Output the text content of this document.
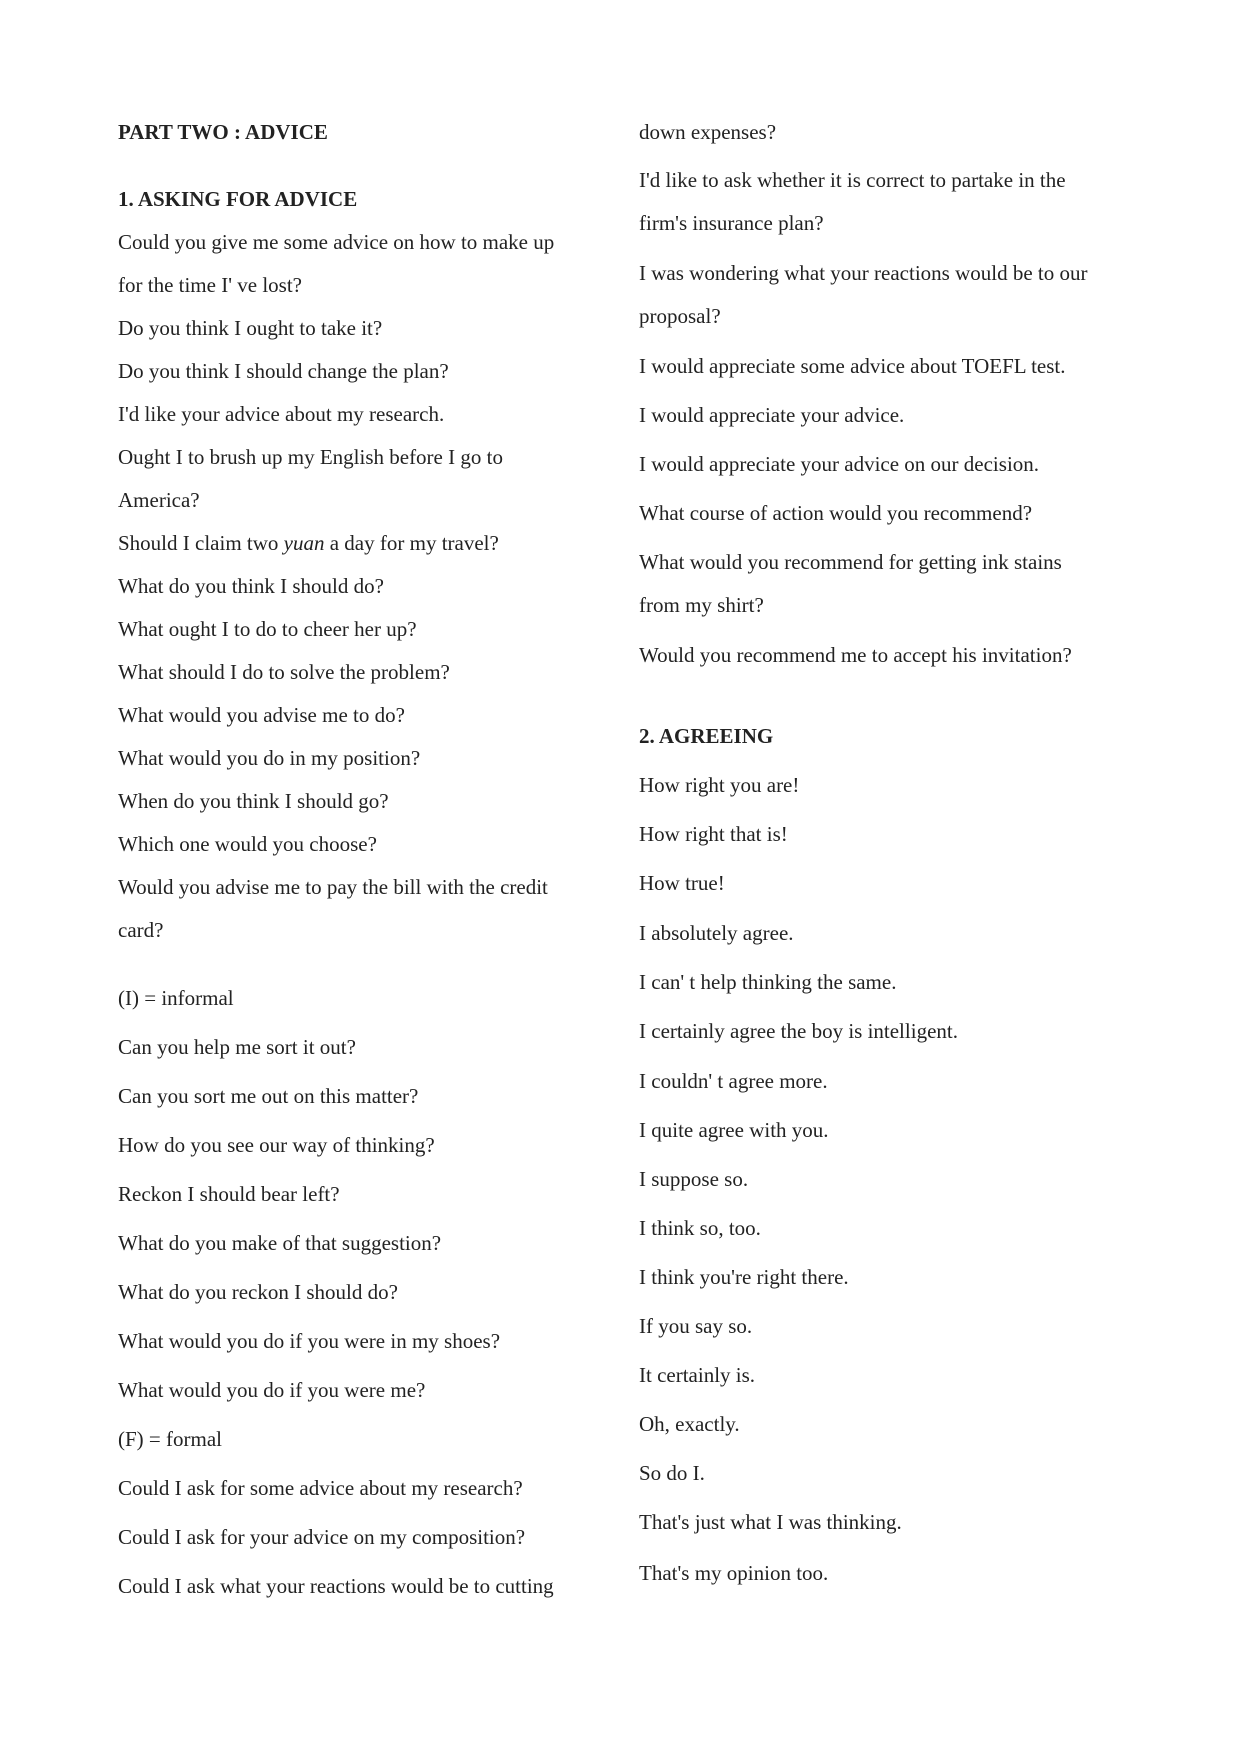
PART TWO : ADVICE
1. ASKING FOR ADVICE
Could you give me some advice on how to make up
for the time I' ve lost?
Do you think I ought to take it?
Do you think I should change the plan?
I'd like your advice about my research.
Ought I to brush up my English before I go to
America?
Should I claim two yuan a day for my travel?
What do you think I should do?
What ought I to do to cheer her up?
What should I do to solve the problem?
What would you advise me to do?
What would you do in my position?
When do you think I should go?
Which one would you choose?
Would you advise me to pay the bill with the credit
card?
(I) = informal
Can you help me sort it out?
Can you sort me out on this matter?
How do you see our way of thinking?
Reckon I should bear left?
What do you make of that suggestion?
What do you reckon I should do?
What would you do if you were in my shoes?
What would you do if you were me?
(F) = formal
Could I ask for some advice about my research?
Could I ask for your advice on my composition?
Could I ask what your reactions would be to cutting
down expenses?
I'd like to ask whether it is correct to partake in the
firm's insurance plan?
I was wondering what your reactions would be to our
proposal?
I would appreciate some advice about TOEFL test.
I would appreciate your advice.
I would appreciate your advice on our decision.
What course of action would you recommend?
What would you recommend for getting ink stains
from my shirt?
Would you recommend me to accept his invitation?
2. AGREEING
How right you are!
How right that is!
How true!
I absolutely agree.
I can' t help thinking the same.
I certainly agree the boy is intelligent.
I couldn' t agree more.
I quite agree with you.
I suppose so.
I think so, too.
I think you're right there.
If you say so.
It certainly is.
Oh, exactly.
So do I.
That's just what I was thinking.
That's my opinion too.
